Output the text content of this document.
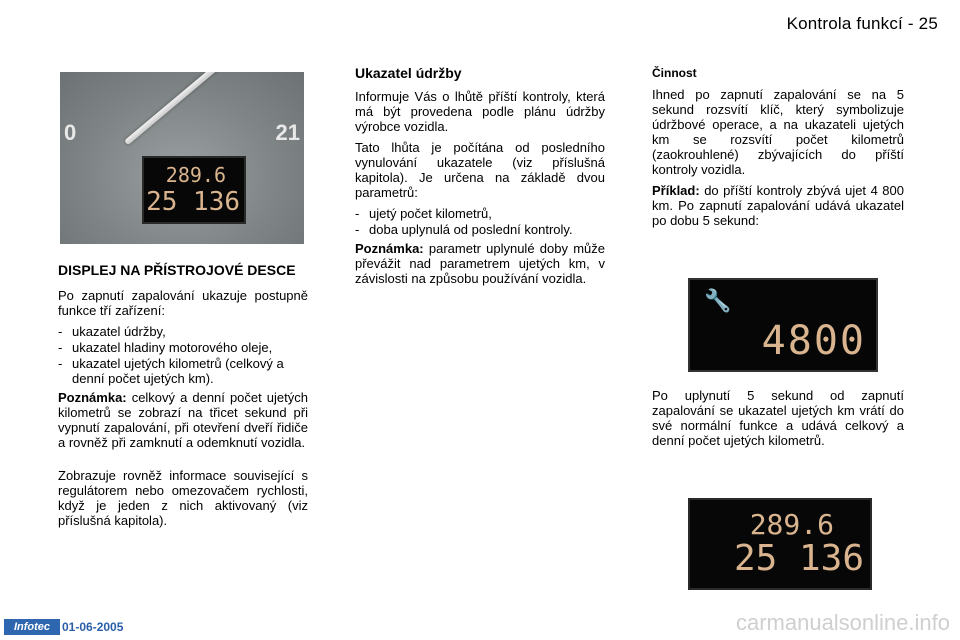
Kontrola funkcí - 25
0	21
289.6
25 136
DISPLEJ NA PŘÍSTROJOVÉ DESCE

Po zapnutí zapalování ukazuje postupně funkce tří zařízení:

- ukazatel údržby,
- ukazatel hladiny motorového oleje,
- ukazatel ujetých kilometrů (celkový a denní počet ujetých km).

Poznámka: celkový a denní počet ujetých kilometrů se zobrazí na třicet sekund při vypnutí zapalování, při otevření dveří řidiče a rovněž při zamknutí a odemknutí vozidla.

Zobrazuje rovněž informace související s regulátorem nebo omezovačem rychlosti, když je jeden z nich aktivovaný (viz příslušná kapitola).

Ukazatel údržby

Informuje Vás o lhůtě příští kontroly, která má být provedena podle plánu údržby výrobce vozidla.

Tato lhůta je počítána od posledního vynulování ukazatele (viz příslušná kapitola). Je určena na základě dvou parametrů:

- ujetý počet kilometrů,
- doba uplynulá od poslední kontroly.

Poznámka: parametr uplynulé doby může převážit nad parametrem ujetých km, v závislosti na způsobu používání vozidla.

Činnost

Ihned po zapnutí zapalování se na 5 sekund rozsvítí klíč, který symbolizuje údržbové operace, a na ukazateli ujetých km se rozsvítí počet kilometrů (zaokrouhlené) zbývajících do příští kontroly vozidla.

Příklad: do příští kontroly zbývá ujet 4 800 km. Po zapnutí zapalování udává ukazatel po dobu 5 sekund:

🔧
4800

Po uplynutí 5 sekund od zapnutí zapalování se ukazatel ujetých km vrátí do své normální funkce a udává celkový a denní počet ujetých kilometrů.

289.6
25 136
Infotec 01-06-2005	carmanualsonline.info
